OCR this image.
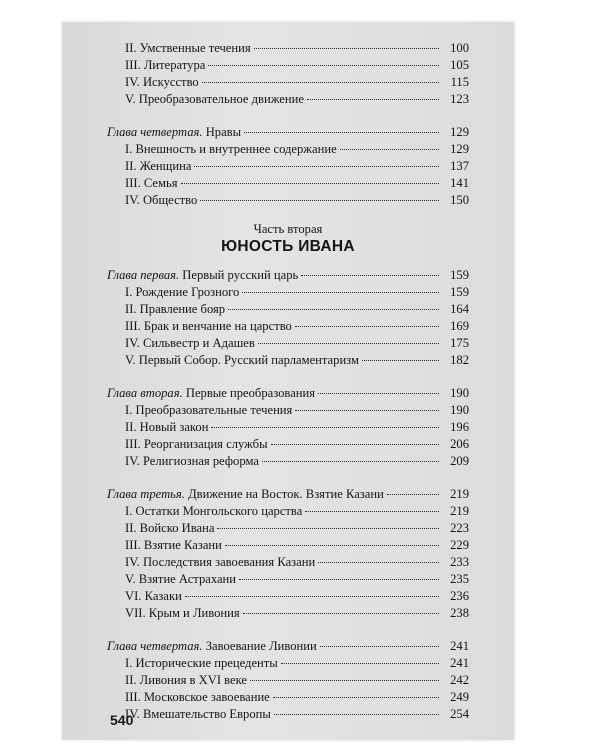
II. Умственные течения	100
III. Литература	105
IV. Искусство	115
V. Преобразовательное движение	123
Глава четвертая. Нравы	129
I. Внешность и внутреннее содержание	129
II. Женщина	137
III. Семья	141
IV. Общество	150
Часть вторая
ЮНОСТЬ ИВАНА
Глава первая. Первый русский царь	159
I. Рождение Грозного	159
II. Правление бояр	164
III. Брак и венчание на царство	169
IV. Сильвестр и Адашев	175
V. Первый Собор. Русский парламентаризм	182
Глава вторая. Первые преобразования	190
I. Преобразовательные течения	190
II. Новый закон	196
III. Реорганизация службы	206
IV. Религиозная реформа	209
Глава третья. Движение на Восток. Взятие Казани	219
I. Остатки Монгольского царства	219
II. Войско Ивана	223
III. Взятие Казани	229
IV. Последствия завоевания Казани	233
V. Взятие Астрахани	235
VI. Казаки	236
VII. Крым и Ливония	238
Глава четвертая. Завоевание Ливонии	241
I. Исторические прецеденты	241
II. Ливония в XVI веке	242
III. Московское завоевание	249
IV. Вмешательство Европы	254
540
